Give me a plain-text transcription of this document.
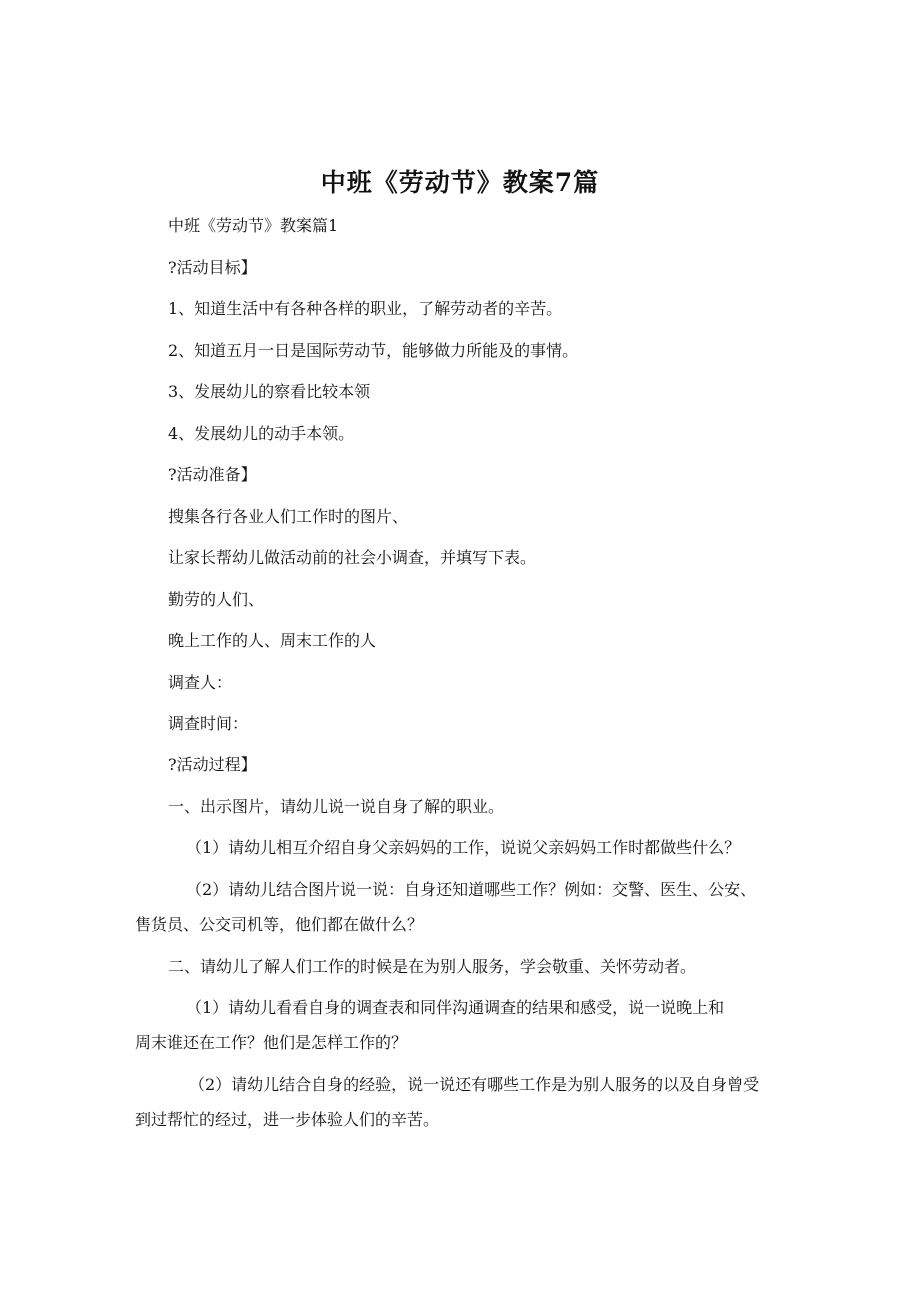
中班《劳动节》教案7篇
中班《劳动节》教案篇1
?活动目标】
1、知道生活中有各种各样的职业，了解劳动者的辛苦。
2、知道五月一日是国际劳动节，能够做力所能及的事情。
3、发展幼儿的察看比较本领
4、发展幼儿的动手本领。
?活动准备】
搜集各行各业人们工作时的图片、
让家长帮幼儿做活动前的社会小调查，并填写下表。
勤劳的人们、
晚上工作的人、周末工作的人
调查人：
调查时间：
?活动过程】
一、出示图片，请幼儿说一说自身了解的职业。
（1）请幼儿相互介绍自身父亲妈妈的工作，说说父亲妈妈工作时都做些什么？
（2）请幼儿结合图片说一说：自身还知道哪些工作？例如：交警、医生、公安、
售货员、公交司机等，他们都在做什么？
二、请幼儿了解人们工作的时候是在为别人服务，学会敬重、关怀劳动者。
（1）请幼儿看看自身的调查表和同伴沟通调查的结果和感受，说一说晚上和
周末谁还在工作？他们是怎样工作的？
（2）请幼儿结合自身的经验，说一说还有哪些工作是为别人服务的以及自身曾受
到过帮忙的经过，进一步体验人们的辛苦。
